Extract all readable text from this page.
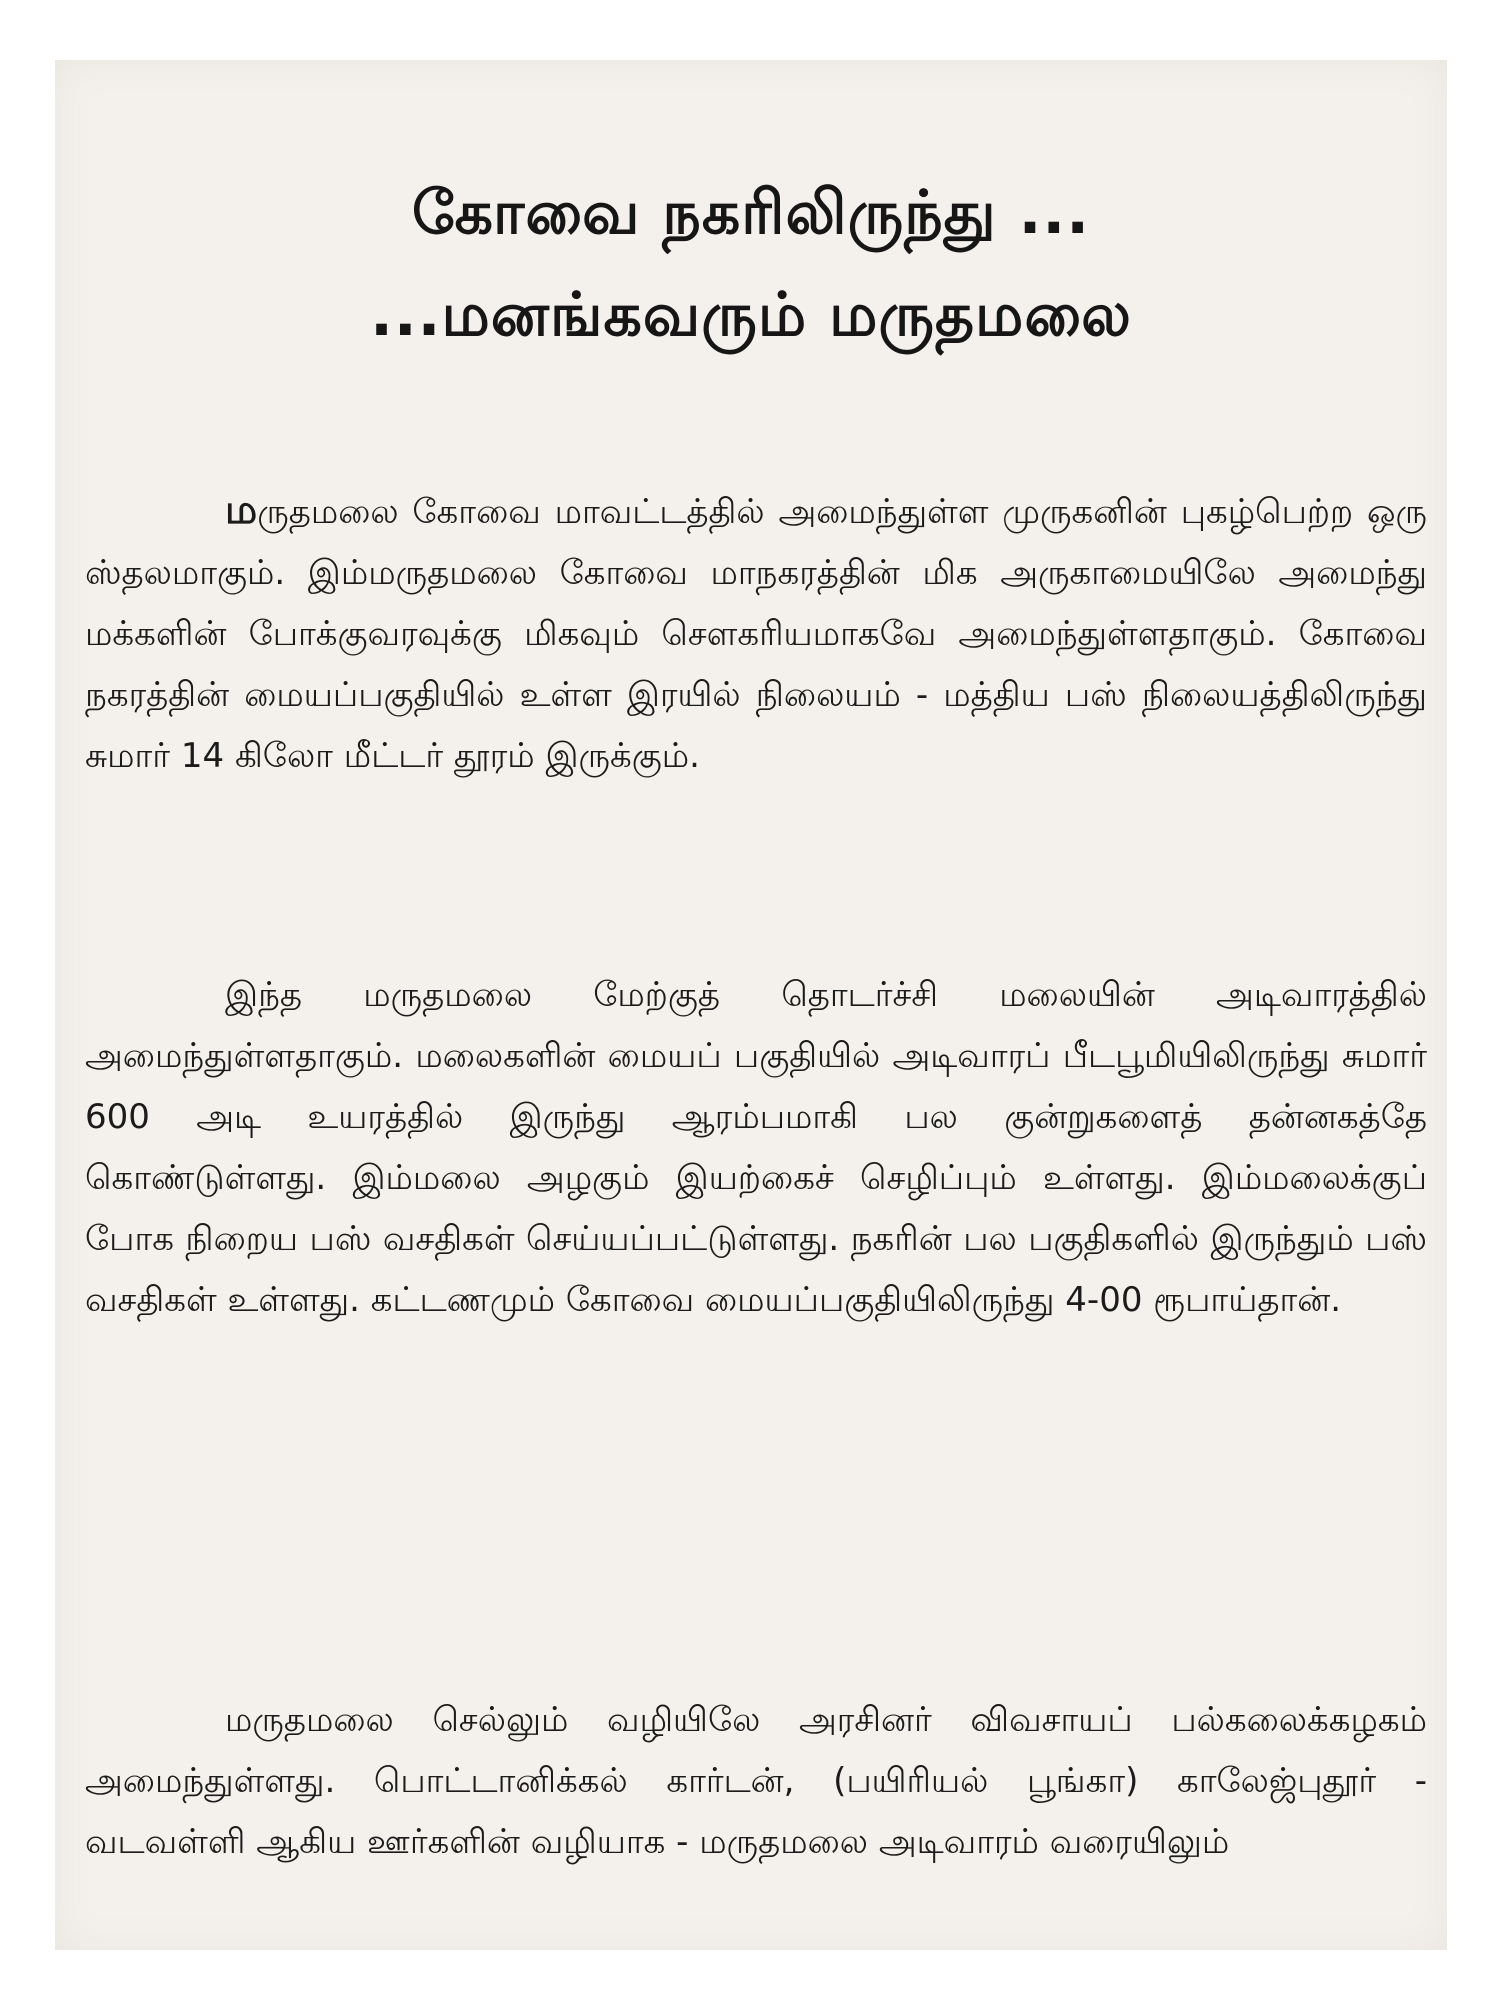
கோவை நகரிலிருந்து ...
...மனங்கவரும் மருதமலை

மருதமலை கோவை மாவட்டத்தில் அமைந்துள்ள முருகனின் புகழ்பெற்ற ஒரு ஸ்தலமாகும். இம்மருதமலை கோவை மாநகரத்தின் மிக அருகாமையிலே அமைந்து மக்களின் போக்குவரவுக்கு மிகவும் சௌகரியமாகவே அமைந்துள்ளதாகும். கோவை நகரத்தின் மையப்பகுதியில் உள்ள இரயில் நிலையம் - மத்திய பஸ் நிலையத்திலிருந்து சுமார் 14 கிலோ மீட்டர் தூரம் இருக்கும்.

இந்த மருதமலை மேற்குத் தொடர்ச்சி மலையின் அடிவாரத்தில் அமைந்துள்ளதாகும். மலைகளின் மையப் பகுதியில் அடிவாரப் பீடபூமியிலிருந்து சுமார் 600 அடி உயரத்தில் இருந்து ஆரம்பமாகி பல குன்றுகளைத் தன்னகத்தே கொண்டுள்ளது. இம்மலை அழகும் இயற்கைச் செழிப்பும் உள்ளது. இம்மலைக்குப் போக நிறைய பஸ் வசதிகள் செய்யப்பட்டுள்ளது. நகரின் பல பகுதிகளில் இருந்தும் பஸ் வசதிகள் உள்ளது. கட்டணமும் கோவை மையப்பகுதியிலிருந்து 4-00 ரூபாய்தான்.

மருதமலை செல்லும் வழியிலே அரசினர் விவசாயப் பல்கலைக்கழகம் அமைந்துள்ளது. பொட்டானிக்கல் கார்டன், (பயிரியல் பூங்கா) காலேஜ்புதூர் - வடவள்ளி ஆகிய ஊர்களின் வழியாக - மருதமலை அடிவாரம் வரையிலும்
